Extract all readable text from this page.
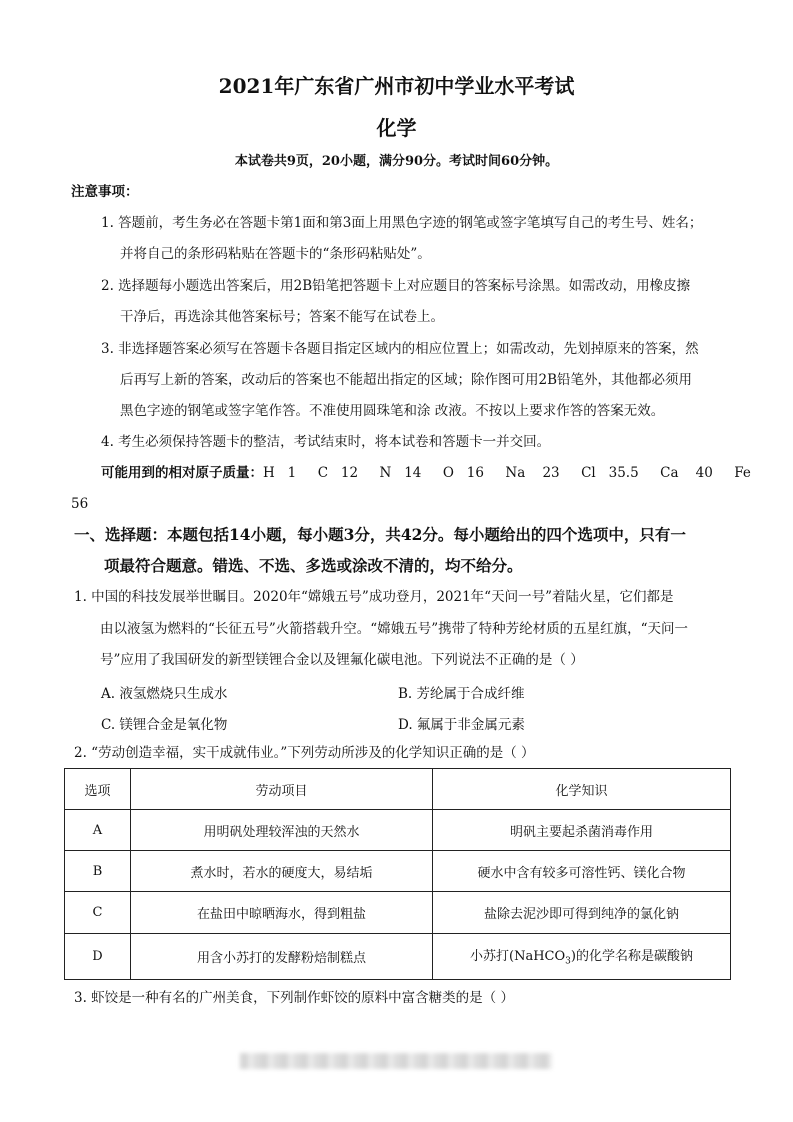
2021年广东省广州市初中学业水平考试
化学
本试卷共9页，20小题，满分90分。考试时间60分钟。
注意事项：
1. 答题前，考生务必在答题卡第1面和第3面上用黑色字迹的钢笔或签字笔填写自己的考生号、姓名；
并将自己的条形码粘贴在答题卡的“条形码粘贴处”。
2. 选择题每小题选出答案后，用2B铅笔把答题卡上对应题目的答案标号涂黑。如需改动，用橡皮擦
干净后，再选涂其他答案标号；答案不能写在试卷上。
3. 非选择题答案必须写在答题卡各题目指定区域内的相应位置上；如需改动，先划掉原来的答案，然
后再写上新的答案，改动后的答案也不能超出指定的区域；除作图可用2B铅笔外，其他都必须用
黑色字迹的钢笔或签字笔作答。不准使用圆珠笔和涂 改液。不按以上要求作答的答案无效。
4. 考生必须保持答题卡的整洁，考试结束时，将本试卷和答题卡一并交回。
可能用到的相对原子质量：H   1     C   12     N   14     O   16     Na    23     Cl   35.5     Ca    40     Fe
56
一、选择题：本题包括14小题，每小题3分，共42分。每小题给出的四个选项中，只有一
项最符合题意。错选、不选、多选或涂改不清的，均不给分。
1. 中国的科技发展举世瞩目。2020年“嫦娥五号”成功登月，2021年“天问一号”着陆火星，它们都是
由以液氢为燃料的“长征五号”火箭搭载升空。“嫦娥五号”携带了特种芳纶材质的五星红旗，“天问一
号”应用了我国研发的新型镁锂合金以及锂氟化碳电池。下列说法不正确的是（ ）
A. 液氢燃烧只生成水	B. 芳纶属于合成纤维
C. 镁锂合金是氧化物	D. 氟属于非金属元素
2. “劳动创造幸福，实干成就伟业。”下列劳动所涉及的化学知识正确的是（ ）
选项	劳动项目	化学知识
A	用明矾处理较浑浊的天然水	明矾主要起杀菌消毒作用
B	煮水时，若水的硬度大，易结垢	硬水中含有较多可溶性钙、镁化合物
C	在盐田中晾晒海水，得到粗盐	盐除去泥沙即可得到纯净的氯化钠
D	用含小苏打的发酵粉焙制糕点	小苏打(NaHCO$_3$)的化学名称是碳酸钠
3. 虾饺是一种有名的广州美食，下列制作虾饺的原料中富含糖类的是（ ）
